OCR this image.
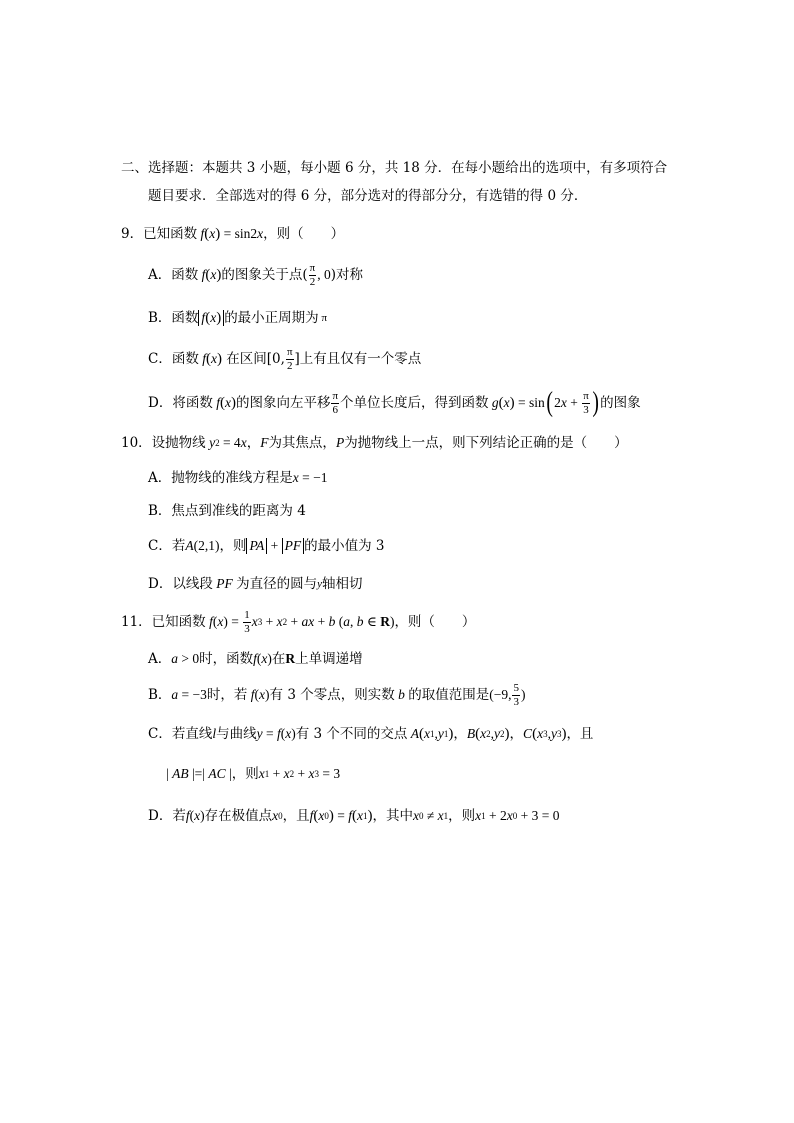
二、选择题：本题共 3 小题，每小题 6 分，共 18 分．在每小题给出的选项中，有多项符合
题目要求．全部选对的得 6 分，部分选对的得部分分，有选错的得 0 分．
9．已知函数 f ( x ) = sin 2 x ，则（　　）
A．函数 f ( x ) 的图象关于点( $\frac{\pi}{2}$ , 0 )对称
B．函数 f(x) 的最小正周期为 π
C．函数 f ( x )
在区间[0, $\frac{\pi}{2}$ ]上有且仅有一个零点
D．将函数 f ( x ) 的图象向左平移 $\frac{\pi}{6}$ 个单位长度后，得到函数 g ( x ) = sin ( 2 $x + \frac{\pi}{3}$ ) 的图象
10．设抛物线 y 2 = 4 x ， F 为其焦点， P 为抛物线上一点，则下列结论正确的是（　　）
A．抛物线的准线方程是 x = −1
B．焦点到准线的距离为 4
C．若 A (2,1) ，则 PA + PF 的最小值为 3
D．以线段 PF 为直径的圆与 y 轴相切
11．已知函数 f ( x ) = $\frac{1}{3}$ x 3 + x 2 + ax + b ( a , b ∈ R ) ，则（　　）
A． a > 0 时，函数 f ( x ) 在 R 上单调递增
B． a = −3 时，若 f ( x ) 有 3 个零点，则实数 b 的取值范围是 (−9, $\frac{5}{3}$ )
C．若直线 l 与曲线 y = f ( x ) 有 3 个不同的交点 A ( x 1 , y 1 ) ， B ( x 2 , y 2 ) ， C ( x 3 , y 3 ) ，且
| AB |=| AC | ，则 x 1 + x 2 + x 3 = 3
D．若 f ( x ) 存在极值点 x 0 ，且 f ( x 0 ) = f ( x 1 ) ，其中 x 0 ≠ x 1 ，则 x 1 + 2 x 0 + 3 = 0
